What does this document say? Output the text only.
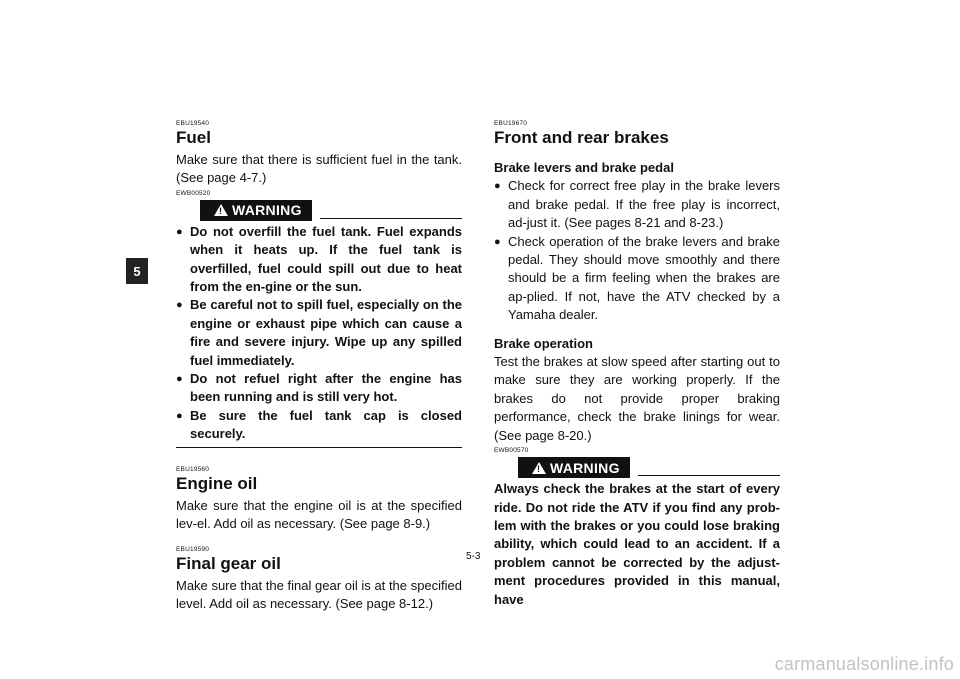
5

EBU19540

Fuel

Make sure that there is sufficient fuel in the tank. (See page 4-7.)

EWB00520

! WARNING
● Do not overfill the fuel tank. Fuel expands when it heats up. If the fuel tank is overfilled, fuel could spill out due to heat from the en-gine or the sun.
● Be careful not to spill fuel, especially on the engine or exhaust pipe which can cause a fire and severe injury. Wipe up any spilled fuel immediately.
● Do not refuel right after the engine has been running and is still very hot.
● Be sure the fuel tank cap is closed securely.

EBU19560

Engine oil

Make sure that the engine oil is at the specified lev-el. Add oil as necessary. (See page 8-9.)

EBU19590

Final gear oil

Make sure that the final gear oil is at the specified level. Add oil as necessary. (See page 8-12.)

EBU19670

Front and rear brakes

Brake levers and brake pedal

● Check for correct free play in the brake levers and brake pedal. If the free play is incorrect, ad-just it. (See pages 8-21 and 8-23.)
● Check operation of the brake levers and brake pedal. They should move smoothly and there should be a firm feeling when the brakes are ap-plied. If not, have the ATV checked by a Yamaha dealer.

Brake operation

Test the brakes at slow speed after starting out to make sure they are working properly. If the brakes do not provide proper braking performance, check the brake linings for wear. (See page 8-20.)

EWB00570

! WARNING

Always check the brakes at the start of every ride. Do not ride the ATV if you find any prob-lem with the brakes or you could lose braking ability, which could lead to an accident. If a problem cannot be corrected by the adjust-ment procedures provided in this manual, have

5-3
carmanualsonline.info
